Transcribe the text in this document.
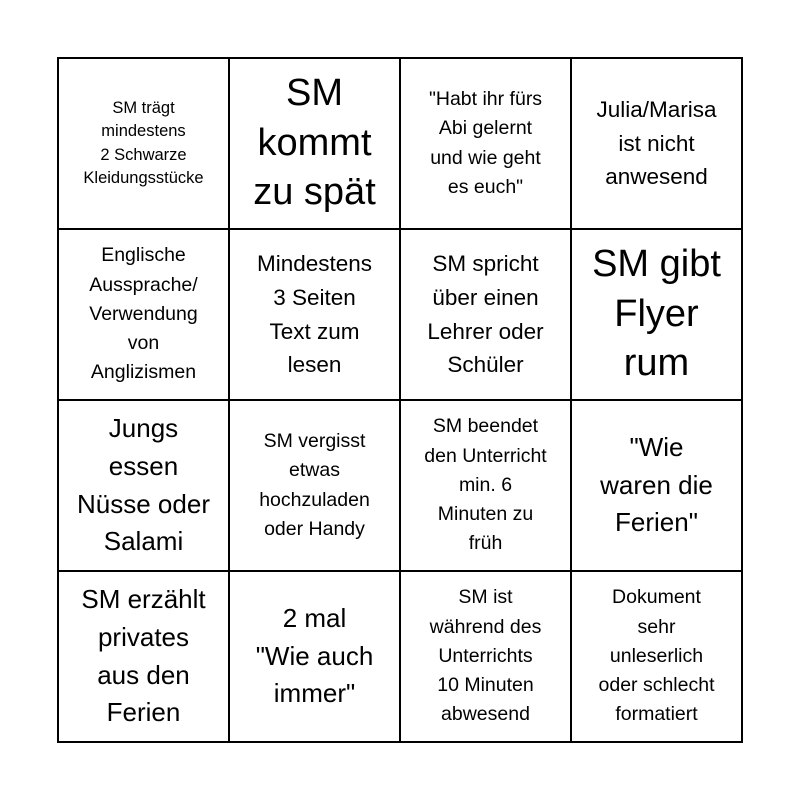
SM trägt
mindestens
2 Schwarze
Kleidungsstücke
SM
kommt
zu spät
"Habt ihr fürs
Abi gelernt
und wie geht
es euch"
Julia/Marisa
ist nicht
anwesend
Englische
Aussprache/
Verwendung
von
Anglizismen
Mindestens
3 Seiten
Text zum
lesen
SM spricht
über einen
Lehrer oder
Schüler
SM gibt
Flyer
rum
Jungs
essen
Nüsse oder
Salami
SM vergisst
etwas
hochzuladen
oder Handy
SM beendet
den Unterricht
min. 6
Minuten zu
früh
"Wie
waren die
Ferien"
SM erzählt
privates
aus den
Ferien
2 mal
"Wie auch
immer"
SM ist
während des
Unterrichts
10 Minuten
abwesend
Dokument
sehr
unleserlich
oder schlecht
formatiert
